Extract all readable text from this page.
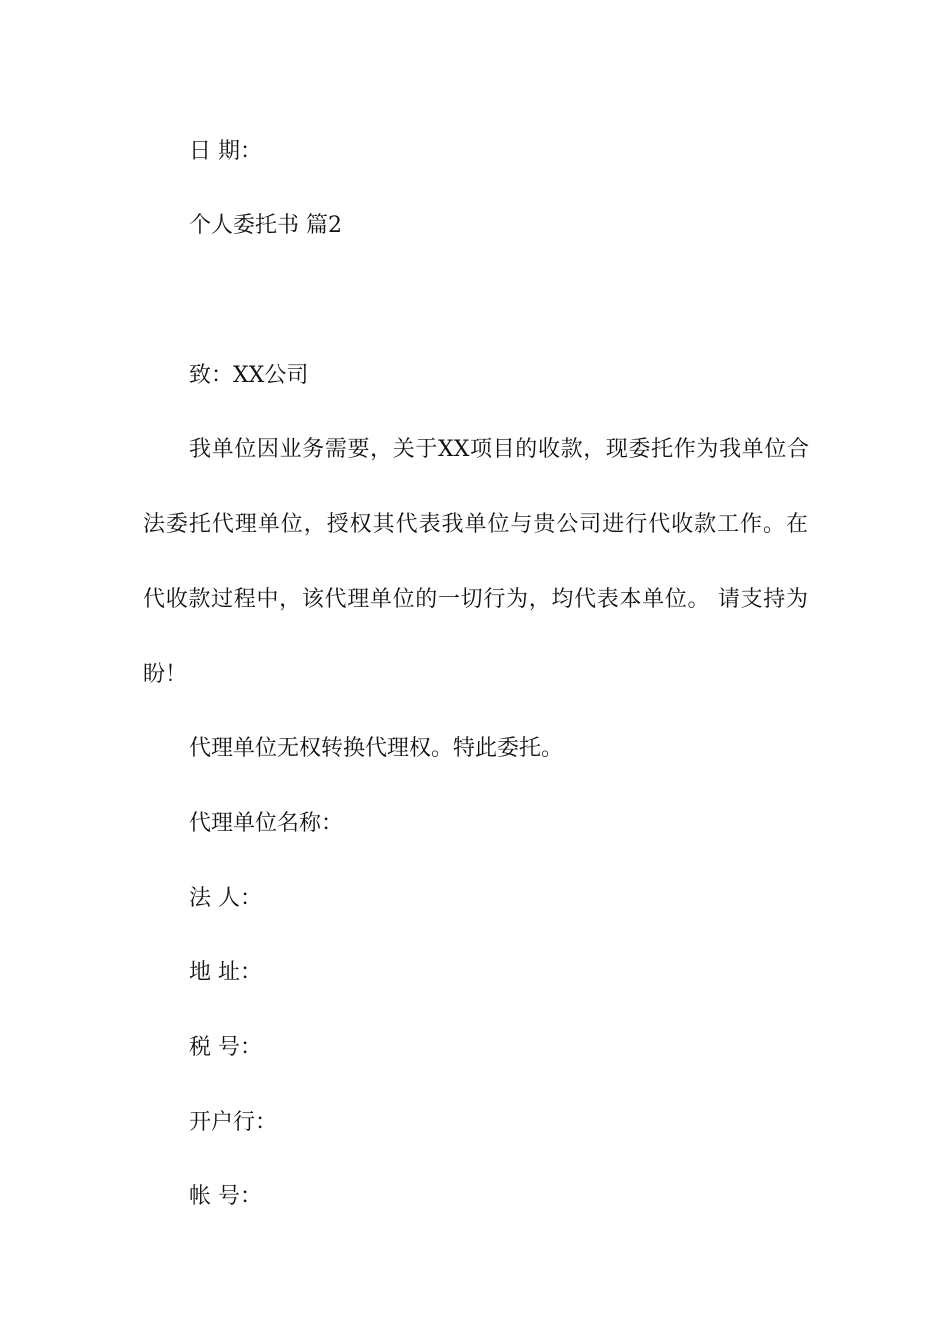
日 期：
个人委托书 篇2
致：XX公司
我单位因业务需要，关于XX项目的收款，现委托作为我单位合
法委托代理单位，授权其代表我单位与贵公司进行代收款工作。在
代收款过程中，该代理单位的一切行为，均代表本单位。 请支持为
盼！
代理单位无权转换代理权。特此委托。
代理单位名称：
法 人：
地 址：
税 号：
开户行：
帐 号：
